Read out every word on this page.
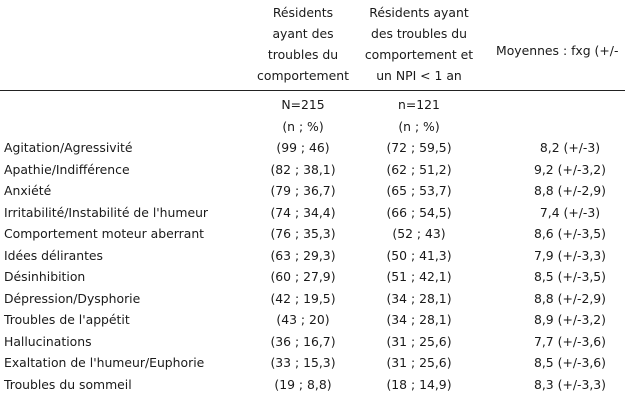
Résidents
ayant des
troubles du
comportement
Résidents ayant
des troubles du
comportement et
un NPI < 1 an
Moyennes : fxg (+/-
N=215	n=121
(n ; %)	(n ; %)
Agitation/Agressivité	(99 ; 46)	(72 ; 59,5)	8,2 (+/-3)
Apathie/Indifférence	(82 ; 38,1)	(62 ; 51,2)	9,2 (+/-3,2)
Anxiété	(79 ; 36,7)	(65 ; 53,7)	8,8 (+/-2,9)
Irritabilité/Instabilité de l'humeur	(74 ; 34,4)	(66 ; 54,5)	7,4 (+/-3)
Comportement moteur aberrant	(76 ; 35,3)	(52 ; 43)	8,6 (+/-3,5)
Idées délirantes	(63 ; 29,3)	(50 ; 41,3)	7,9 (+/-3,3)
Désinhibition	(60 ; 27,9)	(51 ; 42,1)	8,5 (+/-3,5)
Dépression/Dysphorie	(42 ; 19,5)	(34 ; 28,1)	8,8 (+/-2,9)
Troubles de l'appétit	(43 ; 20)	(34 ; 28,1)	8,9 (+/-3,2)
Hallucinations	(36 ; 16,7)	(31 ; 25,6)	7,7 (+/-3,6)
Exaltation de l'humeur/Euphorie	(33 ; 15,3)	(31 ; 25,6)	8,5 (+/-3,6)
Troubles du sommeil	(19 ; 8,8)	(18 ; 14,9)	8,3 (+/-3,3)
